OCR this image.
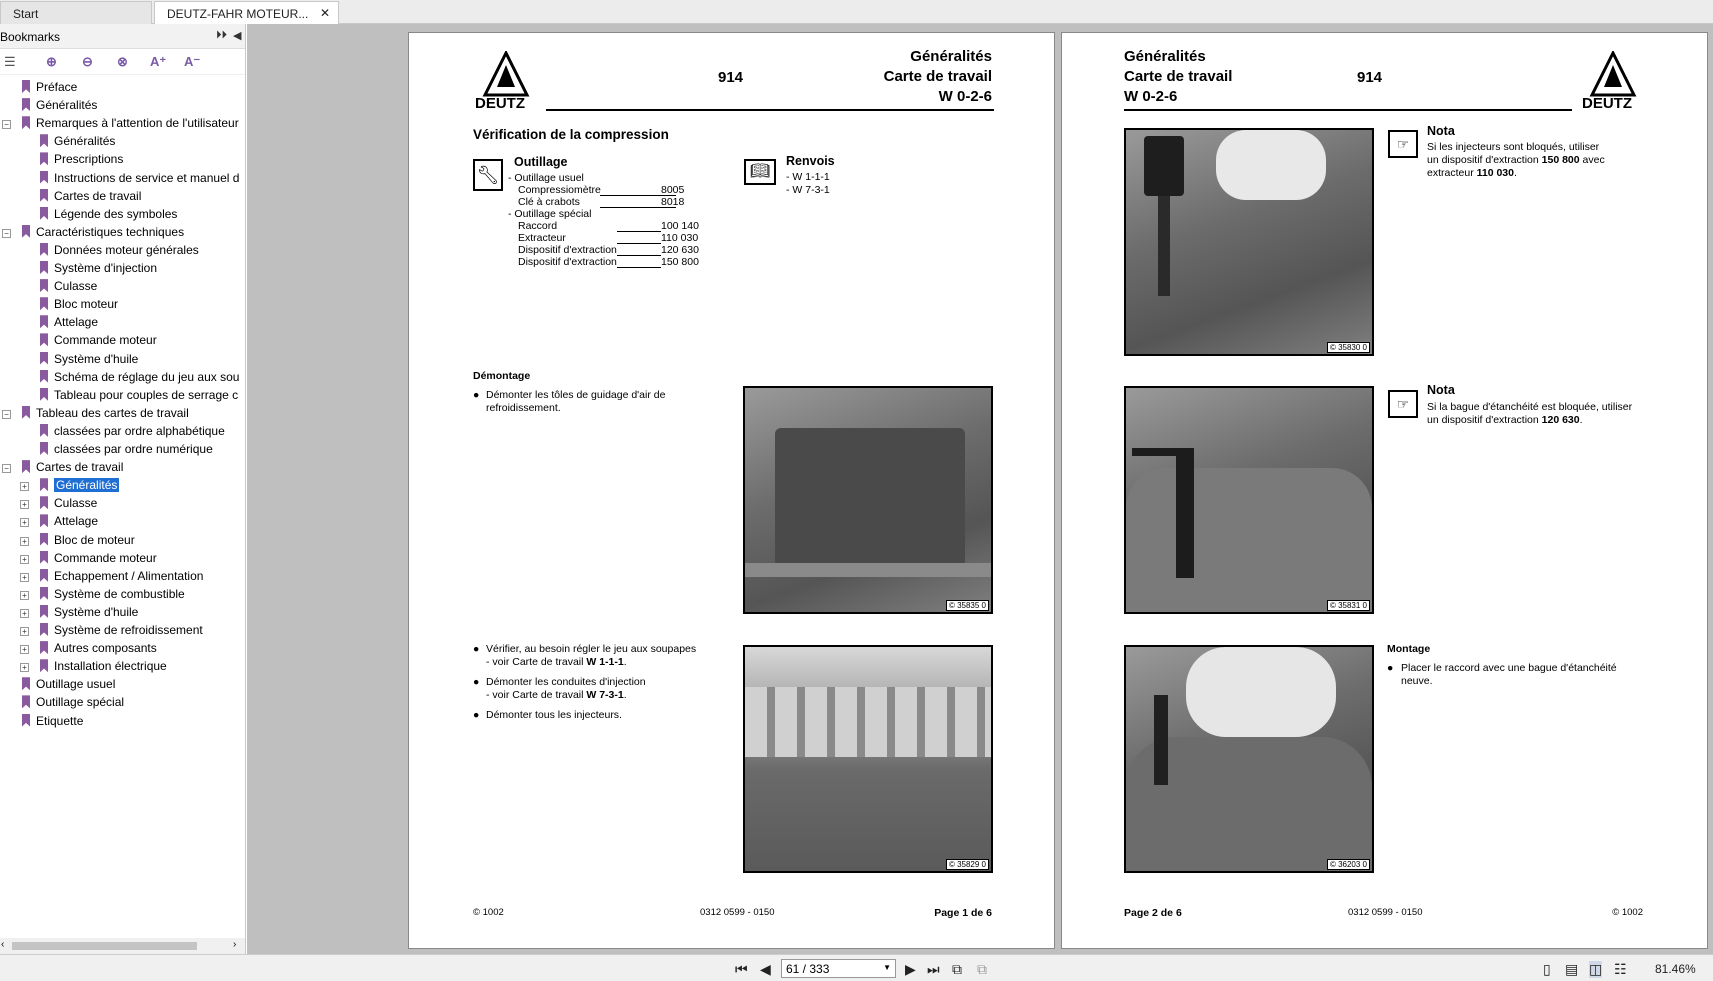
Start	DEUTZ-FAHR MOTEUR... ✕
Bookmarks	⏵⏵ ◀
☰ ⊕ ⊖ ⊗ A⁺ A⁻
Préface
Généralités
Remarques à l'attention de l'utilisateur
−
Généralités
Prescriptions
Instructions de service et manuel d
Cartes de travail
Légende des symboles
Caractéristiques techniques
−
Données moteur générales
Système d'injection
Culasse
Bloc moteur
Attelage
Commande moteur
Système d'huile
Schéma de réglage du jeu aux sou
Tableau pour couples de serrage c
Tableau des cartes de travail
−
classées par ordre alphabétique
classées par ordre numérique
Cartes de travail
−
Généralités
+
Culasse
+
Attelage
+
Bloc de moteur
+
Commande moteur
+
Echappement / Alimentation
+
Système de combustible
+
Système d'huile
+
Système de refroidissement
+
Autres composants
+
Installation électrique
+
Outillage usuel
Outillage spécial
Etiquette
‹	›
DEUTZ
914
Généralités
Carte de travail
W 0-2-6
Vérification de la compression
🔧︎
Outillage
📖︎
Renvois
- W 1-1-1
- W 7-3-1
Démontage
● Démonter les tôles de guidage d'air de
refroidissement.
© 35835 0
● Vérifier, au besoin régler le jeu aux soupapes
- voir Carte de travail W 1-1-1.
● Démonter les conduites d'injection
- voir Carte de travail W 7-3-1.
● Démonter tous les injecteurs.
© 35829 0
© 1002	0312 0599 - 0150	Page 1 de 6
- Outillage usuel
Compressiomètre	8005
Clé à crabots	8018
- Outillage spécial
Raccord	100 140
Extracteur	110 030
Dispositif d'extraction	120 630
Dispositif d'extraction	150 800
Généralités
Carte de travail
W 0-2-6
914
DEUTZ
© 35830 0
☞
Nota
Si les injecteurs sont bloqués, utiliser
un dispositif d'extraction 150 800 avec
extracteur 110 030.
© 35831 0
☞
Nota
Si la bague d'étanchéité est bloquée, utiliser
un dispositif d'extraction 120 630.
© 36203 0
Montage
● Placer le raccord avec une bague d'étanchéité
neuve.
Page 2 de 6	0312 0599 - 0150	© 1002
⏮ ◀	61 / 333	▼ ▶ ⏭ ⧉ ⧉	▯ ▤ ◫ ☷ 81.46%
